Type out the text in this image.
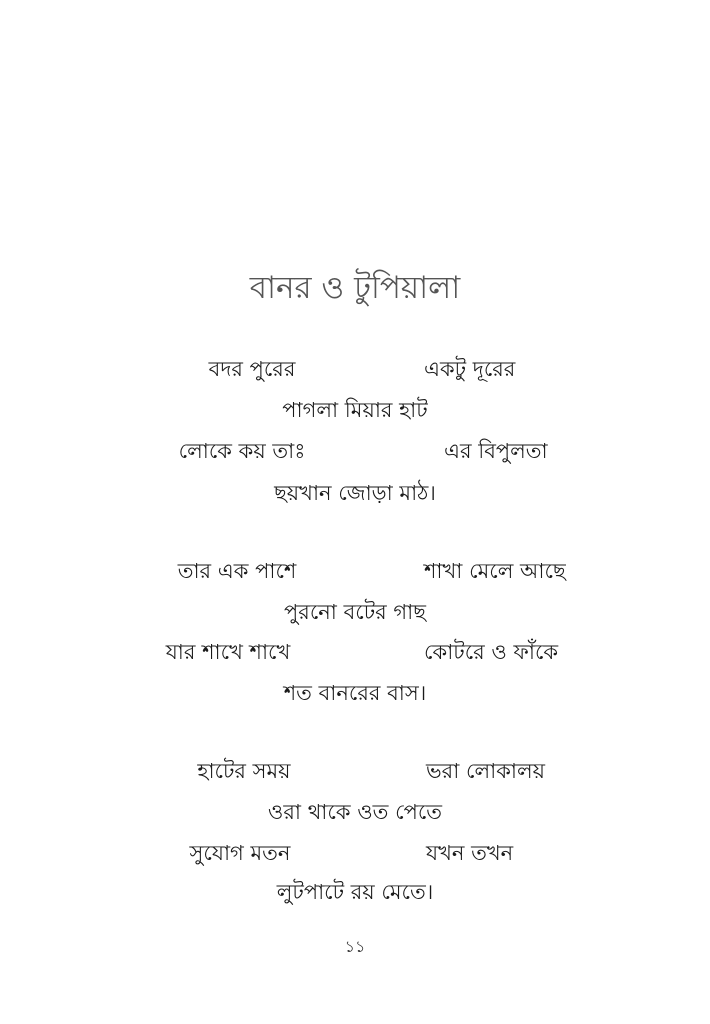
বানর ও টুপিয়ালা
বদর পুরের	একটু দূরের
পাগলা মিয়ার হাট
লোকে কয় তাঃ	এর বিপুলতা
ছয়খান জোড়া মাঠ।
তার এক পাশে	শাখা মেলে আছে
পুরনো বটের গাছ
যার শাখে শাখে	কোটরে ও ফাঁকে
শত বানরের বাস।
হাটের সময়	ভরা লোকালয়
ওরা থাকে ওত পেতে
সুযোগ মতন	যখন তখন
লুটপাটে রয় মেতে।
১১
